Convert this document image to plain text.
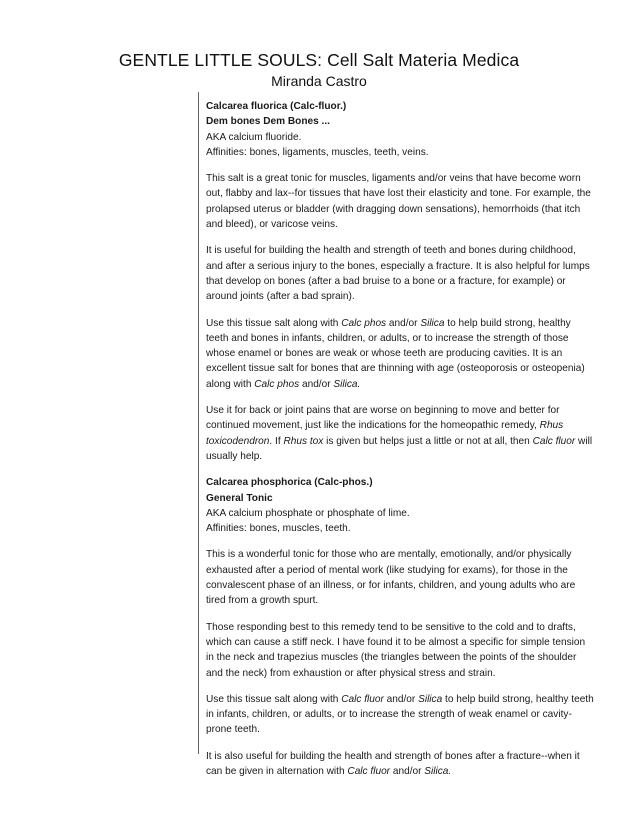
GENTLE LITTLE SOULS: Cell Salt Materia Medica
Miranda Castro

Calcarea fluorica (Calc-fluor.)
Dem bones Dem Bones ...
AKA calcium fluoride.
Affinities: bones, ligaments, muscles, teeth, veins.

This salt is a great tonic for muscles, ligaments and/or veins that have become worn out, flabby and lax--for tissues that have lost their elasticity and tone. For example, the prolapsed uterus or bladder (with dragging down sensations), hemorrhoids (that itch and bleed), or varicose veins.

It is useful for building the health and strength of teeth and bones during childhood, and after a serious injury to the bones, especially a fracture. It is also helpful for lumps that develop on bones (after a bad bruise to a bone or a fracture, for example) or around joints (after a bad sprain).

Use this tissue salt along with Calc phos and/or Silica to help build strong, healthy teeth and bones in infants, children, or adults, or to increase the strength of those whose enamel or bones are weak or whose teeth are producing cavities. It is an excellent tissue salt for bones that are thinning with age (osteoporosis or osteopenia) along with Calc phos and/or Silica.

Use it for back or joint pains that are worse on beginning to move and better for continued movement, just like the indications for the homeopathic remedy, Rhus toxicodendron. If Rhus tox is given but helps just a little or not at all, then Calc fluor will usually help.

Calcarea phosphorica (Calc-phos.)
General Tonic
AKA calcium phosphate or phosphate of lime.
Affinities: bones, muscles, teeth.

This is a wonderful tonic for those who are mentally, emotionally, and/or physically exhausted after a period of mental work (like studying for exams), for those in the convalescent phase of an illness, or for infants, children, and young adults who are tired from a growth spurt.

Those responding best to this remedy tend to be sensitive to the cold and to drafts, which can cause a stiff neck. I have found it to be almost a specific for simple tension in the neck and trapezius muscles (the triangles between the points of the shoulder and the neck) from exhaustion or after physical stress and strain.

Use this tissue salt along with Calc fluor and/or Silica to help build strong, healthy teeth in infants, children, or adults, or to increase the strength of weak enamel or cavity-prone teeth.

It is also useful for building the health and strength of bones after a fracture--when it can be given in alternation with Calc fluor and/or Silica.
